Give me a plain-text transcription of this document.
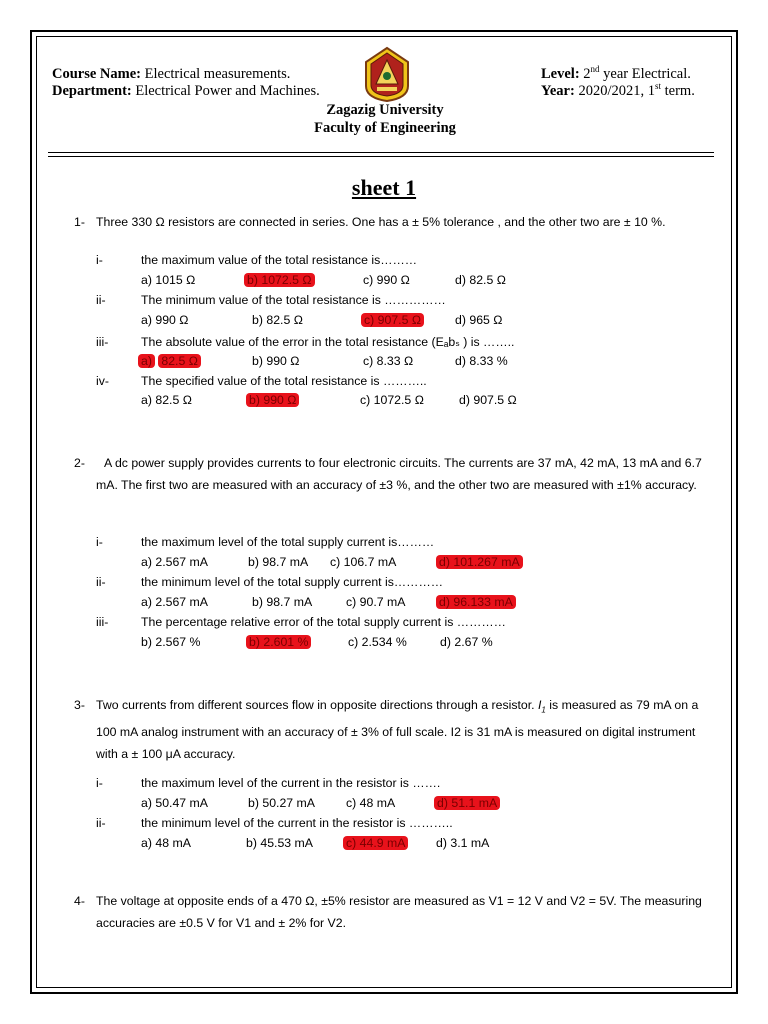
Course Name: Electrical measurements.
Department: Electrical Power and Machines.
Zagazig University
Faculty of Engineering
Level: 2nd year Electrical.
Year: 2020/2021, 1st term.
sheet 1
1- Three 330 Ω resistors are connected in series. One has a ± 5% tolerance , and the other two are ± 10 %.
i-	the maximum value of the total resistance is………
a) 1015 Ω	b) 1072.5 Ω	c) 990 Ω	d) 82.5 Ω
ii-	The minimum value of the total resistance is ……………
a) 990 Ω	b) 82.5 Ω	c) 907.5 Ω	d) 965 Ω
iii-	The absolute value of the error in the total resistance (Eₐbₛ ) is ……..
a) 82.5 Ω	b) 990 Ω	c) 8.33 Ω	d) 8.33 %
iv-	The specified value of the total resistance is ………..
a) 82.5 Ω	b) 990 Ω	c) 1072.5 Ω	d) 907.5 Ω
2-	A dc power supply provides currents to four electronic circuits. The currents are 37 mA, 42 mA, 13 mA and 6.7 mA. The first two are measured with an accuracy of ±3 %, and the other two are measured with ±1% accuracy.
i-	the maximum level of the total supply current is………
a) 2.567 mA	b) 98.7 mA c) 106.7 mA	d) 101.267 mA
ii-	the minimum level of the total supply current is…………
a) 2.567 mA	b) 98.7 mA	c) 90.7 mA	d) 96.133 mA
iii-	The percentage relative error of the total supply current is …………
b) 2.567 %	b) 2.601 %	c) 2.534 %	d) 2.67 %
3- Two currents from different sources flow in opposite directions through a resistor. $I_1$ is measured as 79 mA on a 100 mA analog instrument with an accuracy of ± 3% of full scale. I2 is 31 mA is measured on digital instrument with a ± 100 μA accuracy.
i-	the maximum level of the current in the resistor is …….
a) 50.47 mA	b) 50.27 mA	c) 48 mA	d) 51.1 mA
ii-	the minimum level of the current in the resistor is ………..
a) 48 mA	b) 45.53 mA	c) 44.9 mA d) 3.1 mA
4- The voltage at opposite ends of a 470 Ω, ±5% resistor are measured as V1 = 12 V and V2 = 5V. The measuring accuracies are ±0.5 V for V1 and ± 2% for V2.
